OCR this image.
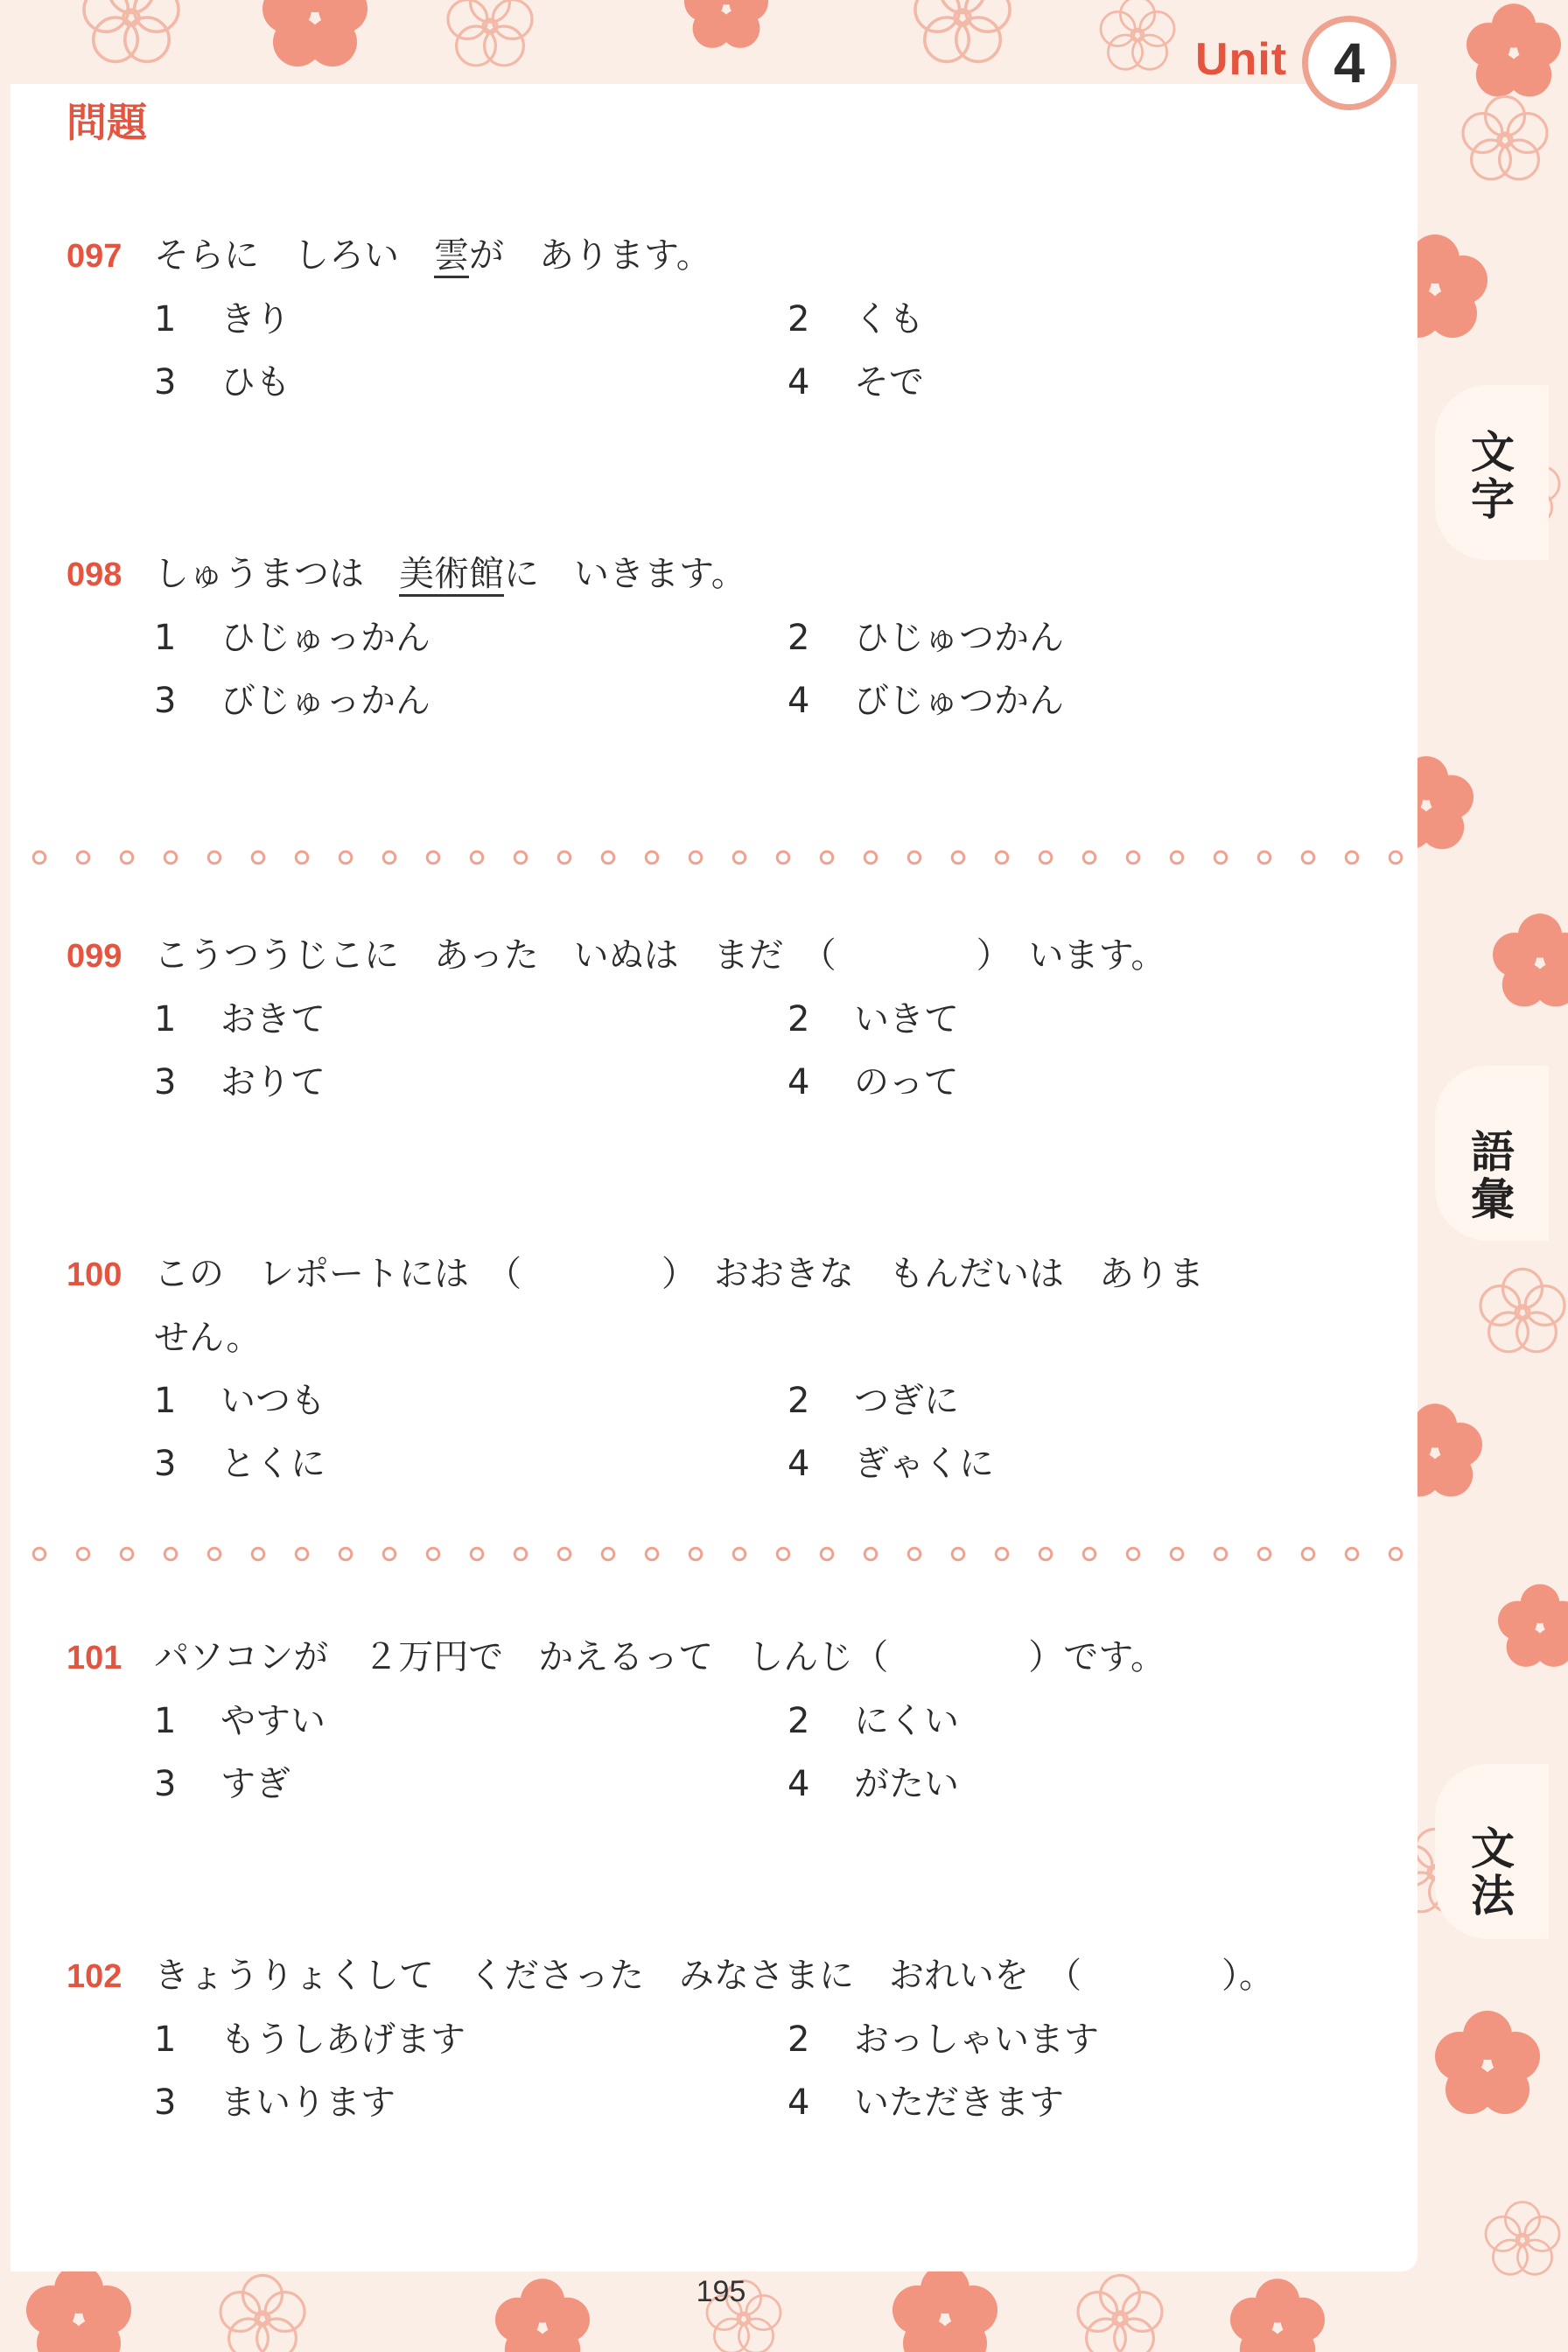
文字
語彙
文法
Unit 4
問題
097 そらに　しろい　雲が　あります。
1 きり	2 くも
3 ひも	4 そで
098 しゅうまつは　美術館に　いきます。
1 ひじゅっかん	2 ひじゅつかん
3 びじゅっかん	4 びじゅつかん
099 こうつうじこに　あった　いぬは　まだ　（　　　　）　います。
1 おきて	2 いきて
3 おりて	4 のって
100 この　レポートには　（　　　　）　おおきな　もんだいは　ありま
せん。
1 いつも	2 つぎに
3 とくに	4 ぎゃくに
101 パソコンが　２万円で　かえるって　しんじ（　　　　）です。
1 やすい	2 にくい
3 すぎ	4 がたい
102 きょうりょくして　くださった　みなさまに　おれいを　（　　　　）。
1 もうしあげます	2 おっしゃいます
3 まいります	4 いただきます
195
